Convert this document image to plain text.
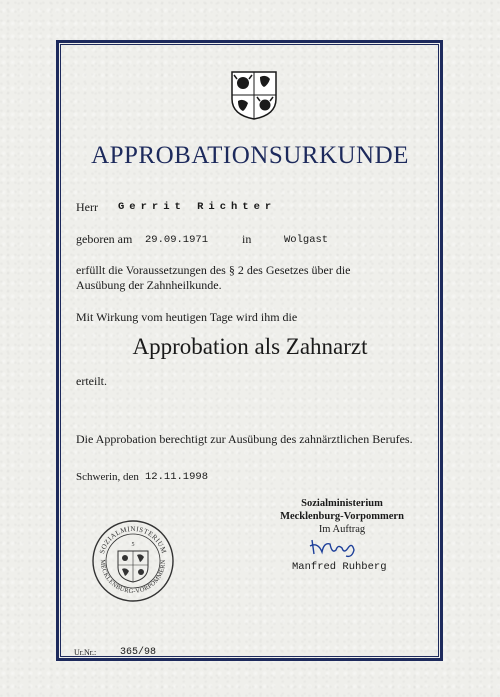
APPROBATIONSURKUNDE
Herr Gerrit Richter
geboren am 29.09.1971	in	Wolgast
erfüllt die Voraussetzungen des § 2 des Gesetzes über die
Ausübung der Zahnheilkunde.
Mit Wirkung vom heutigen Tage wird ihm die
Approbation als Zahnarzt
erteilt.
Die Approbation berechtigt zur Ausübung des zahnärztlichen Berufes.
Schwerin, den 12.11.1998
Sozialministerium
Mecklenburg-Vorpommern
Im Auftrag
Manfred Ruhberg
SOZIALMINISTERIUM
MECKLENBURG-VORPOMMERN
5
Ur.Nr.: 365/98
